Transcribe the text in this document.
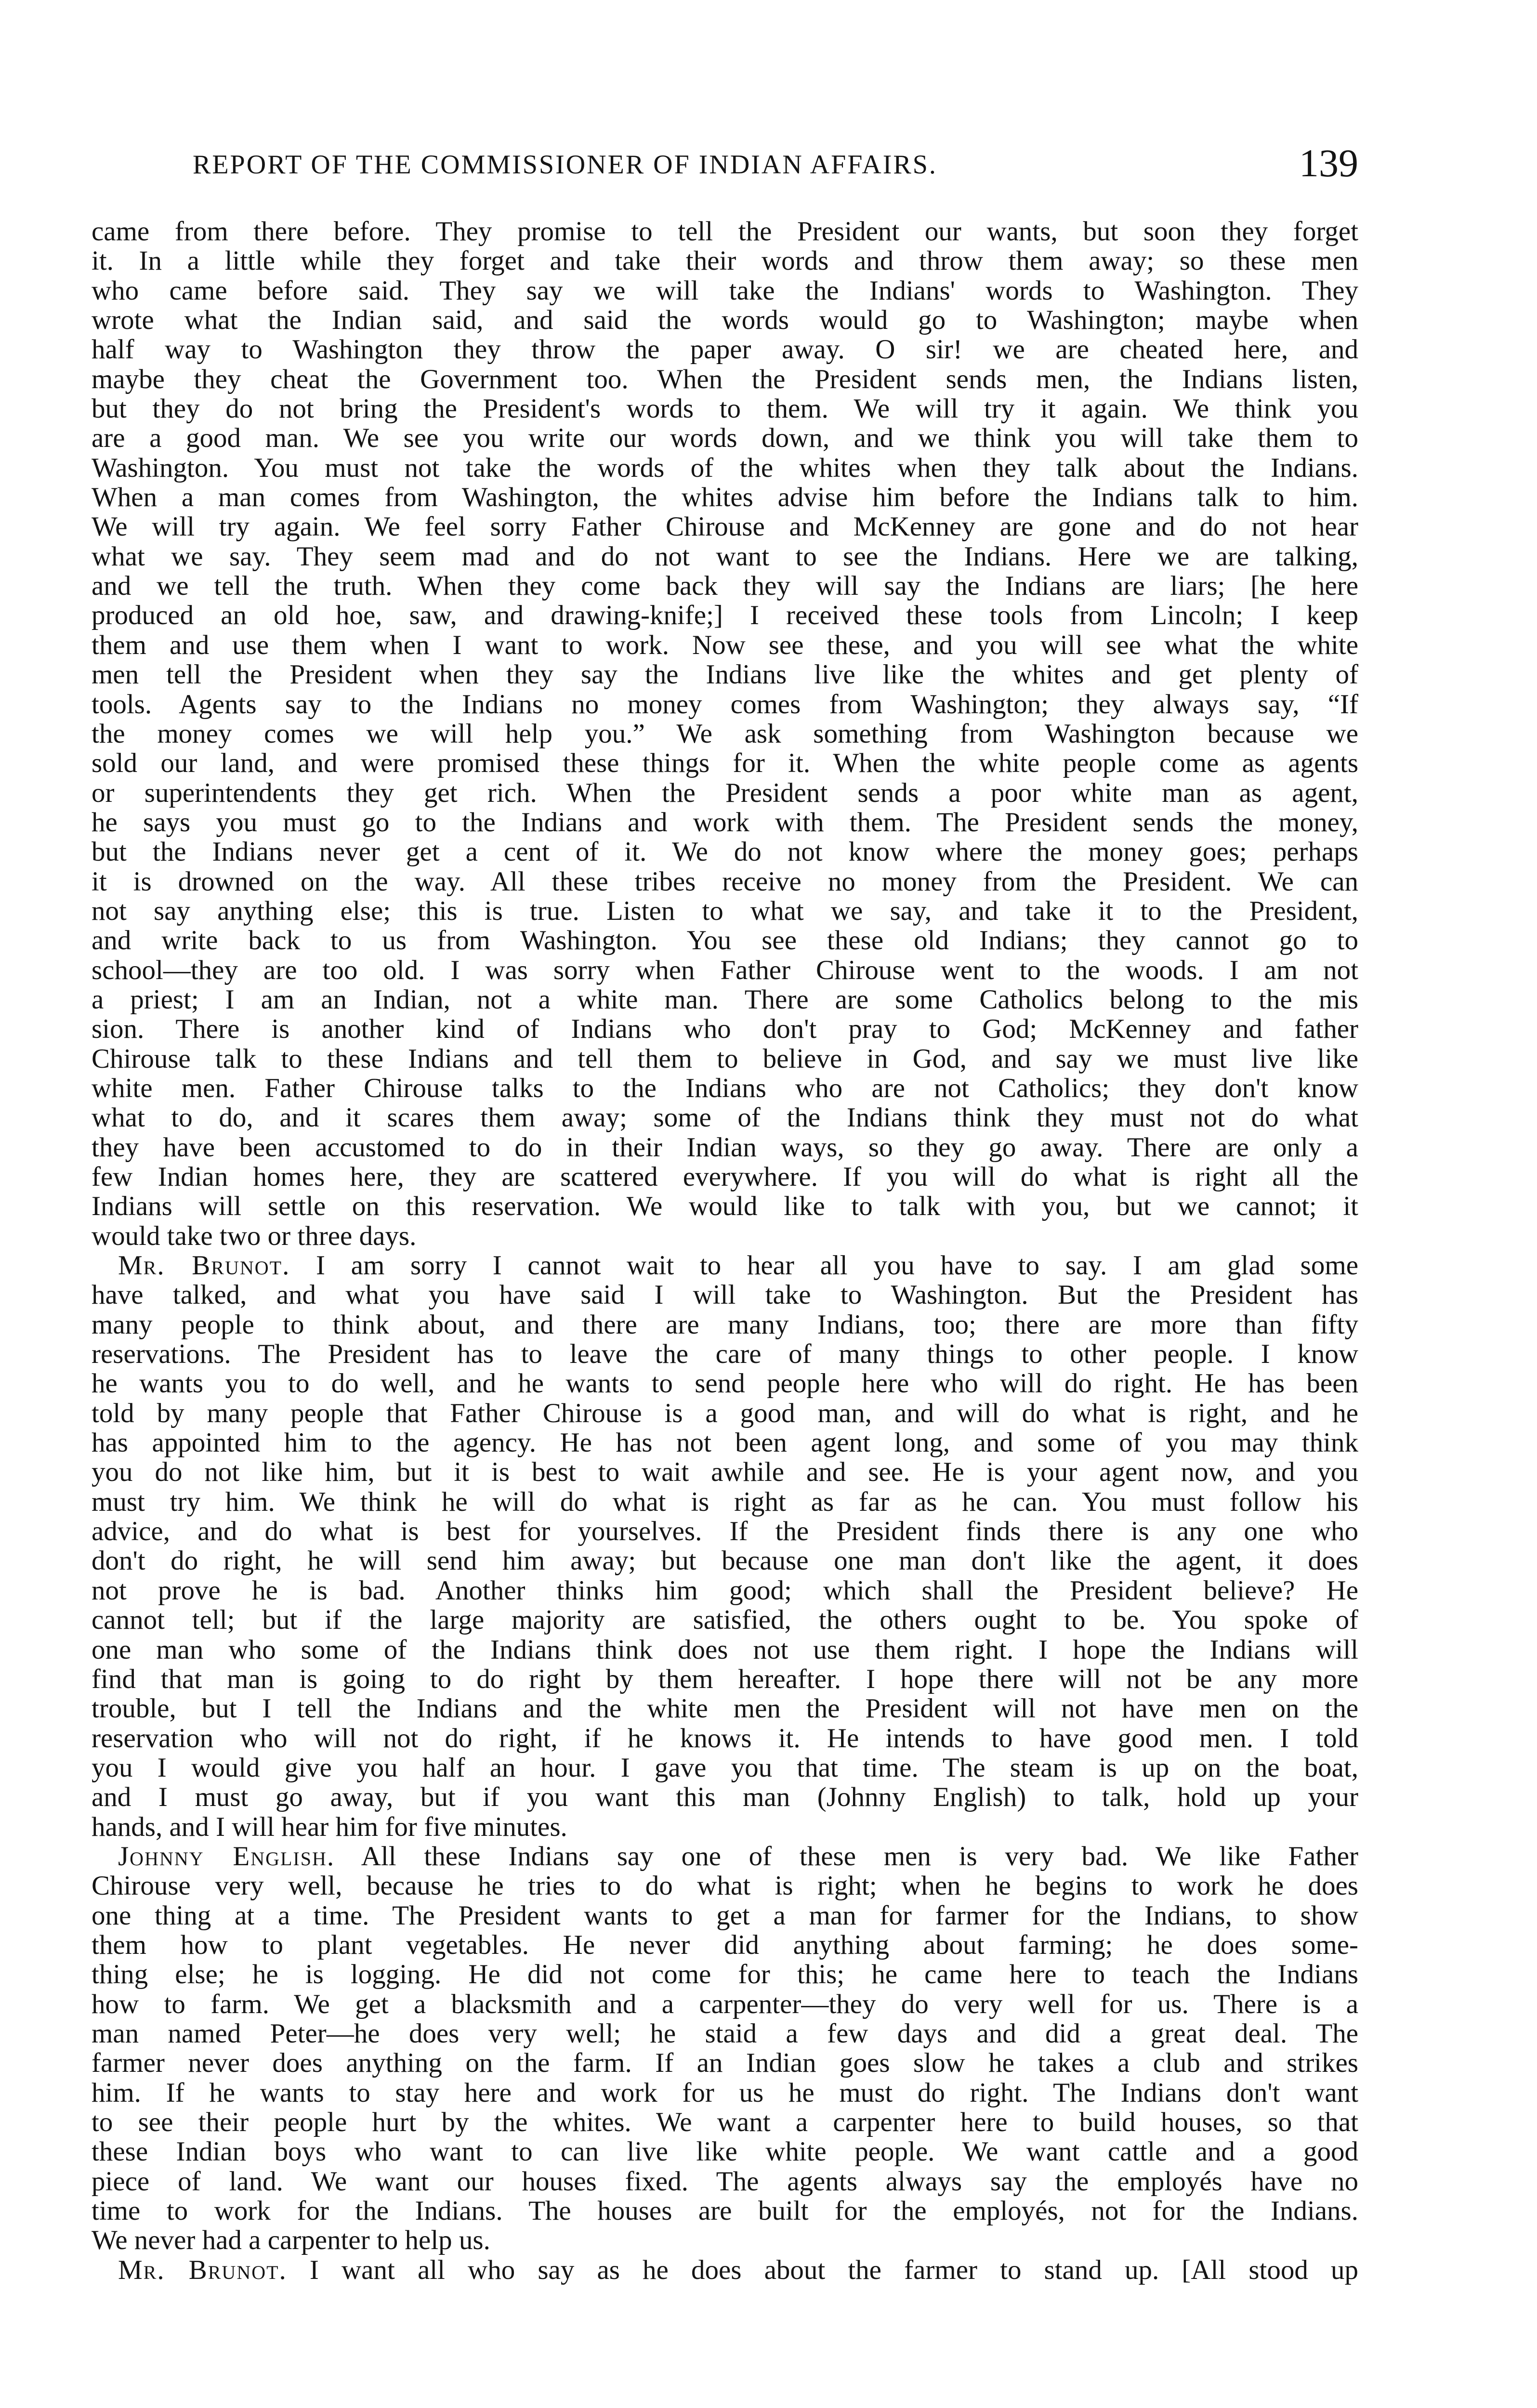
REPORT OF THE COMMISSIONER OF INDIAN AFFAIRS.	139
came from there before. They promise to tell the President our wants, but soon they forget
it. In a little while they forget and take their words and throw them away; so these men
who came before said. They say we will take the Indians' words to Washington. They
wrote what the Indian said, and said the words would go to Washington; maybe when
half way to Washington they throw the paper away. O sir! we are cheated here, and
maybe they cheat the Government too. When the President sends men, the Indians listen,
but they do not bring the President's words to them. We will try it again. We think you
are a good man. We see you write our words down, and we think you will take them to
Washington. You must not take the words of the whites when they talk about the Indians.
When a man comes from Washington, the whites advise him before the Indians talk to him.
We will try again. We feel sorry Father Chirouse and McKenney are gone and do not hear
what we say. They seem mad and do not want to see the Indians. Here we are talking,
and we tell the truth. When they come back they will say the Indians are liars; [he here
produced an old hoe, saw, and drawing-knife;] I received these tools from Lincoln; I keep
them and use them when I want to work. Now see these, and you will see what the white
men tell the President when they say the Indians live like the whites and get plenty of
tools. Agents say to the Indians no money comes from Washington; they always say, “If
the money comes we will help you.” We ask something from Washington because we
sold our land, and were promised these things for it. When the white people come as agents
or superintendents they get rich. When the President sends a poor white man as agent,
he says you must go to the Indians and work with them. The President sends the money,
but the Indians never get a cent of it. We do not know where the money goes; perhaps
it is drowned on the way. All these tribes receive no money from the President. We can
not say anything else; this is true. Listen to what we say, and take it to the President,
and write back to us from Washington. You see these old Indians; they cannot go to
school—they are too old. I was sorry when Father Chirouse went to the woods. I am not
a priest; I am an Indian, not a white man. There are some Catholics belong to the mis
sion. There is another kind of Indians who don't pray to God; McKenney and father
Chirouse talk to these Indians and tell them to believe in God, and say we must live like
white men. Father Chirouse talks to the Indians who are not Catholics; they don't know
what to do, and it scares them away; some of the Indians think they must not do what
they have been accustomed to do in their Indian ways, so they go away. There are only a
few Indian homes here, they are scattered everywhere. If you will do what is right all the
Indians will settle on this reservation. We would like to talk with you, but we cannot; it
would take two or three days.
Mr. Brunot. I am sorry I cannot wait to hear all you have to say. I am glad some
have talked, and what you have said I will take to Washington. But the President has
many people to think about, and there are many Indians, too; there are more than fifty
reservations. The President has to leave the care of many things to other people. I know
he wants you to do well, and he wants to send people here who will do right. He has been
told by many people that Father Chirouse is a good man, and will do what is right, and he
has appointed him to the agency. He has not been agent long, and some of you may think
you do not like him, but it is best to wait awhile and see. He is your agent now, and you
must try him. We think he will do what is right as far as he can. You must follow his
advice, and do what is best for yourselves. If the President finds there is any one who
don't do right, he will send him away; but because one man don't like the agent, it does
not prove he is bad. Another thinks him good; which shall the President believe? He
cannot tell; but if the large majority are satisfied, the others ought to be. You spoke of
one man who some of the Indians think does not use them right. I hope the Indians will
find that man is going to do right by them hereafter. I hope there will not be any more
trouble, but I tell the Indians and the white men the President will not have men on the
reservation who will not do right, if he knows it. He intends to have good men. I told
you I would give you half an hour. I gave you that time. The steam is up on the boat,
and I must go away, but if you want this man (Johnny English) to talk, hold up your
hands, and I will hear him for five minutes.
Johnny English. All these Indians say one of these men is very bad. We like Father
Chirouse very well, because he tries to do what is right; when he begins to work he does
one thing at a time. The President wants to get a man for farmer for the Indians, to show
them how to plant vegetables. He never did anything about farming; he does some-
thing else; he is logging. He did not come for this; he came here to teach the Indians
how to farm. We get a blacksmith and a carpenter—they do very well for us. There is a
man named Peter—he does very well; he staid a few days and did a great deal. The
farmer never does anything on the farm. If an Indian goes slow he takes a club and strikes
him. If he wants to stay here and work for us he must do right. The Indians don't want
to see their people hurt by the whites. We want a carpenter here to build houses, so that
these Indian boys who want to can live like white people. We want cattle and a good
piece of land. We want our houses fixed. The agents always say the employés have no
time to work for the Indians. The houses are built for the employés, not for the Indians.
We never had a carpenter to help us.
Mr. Brunot. I want all who say as he does about the farmer to stand up. [All stood up
